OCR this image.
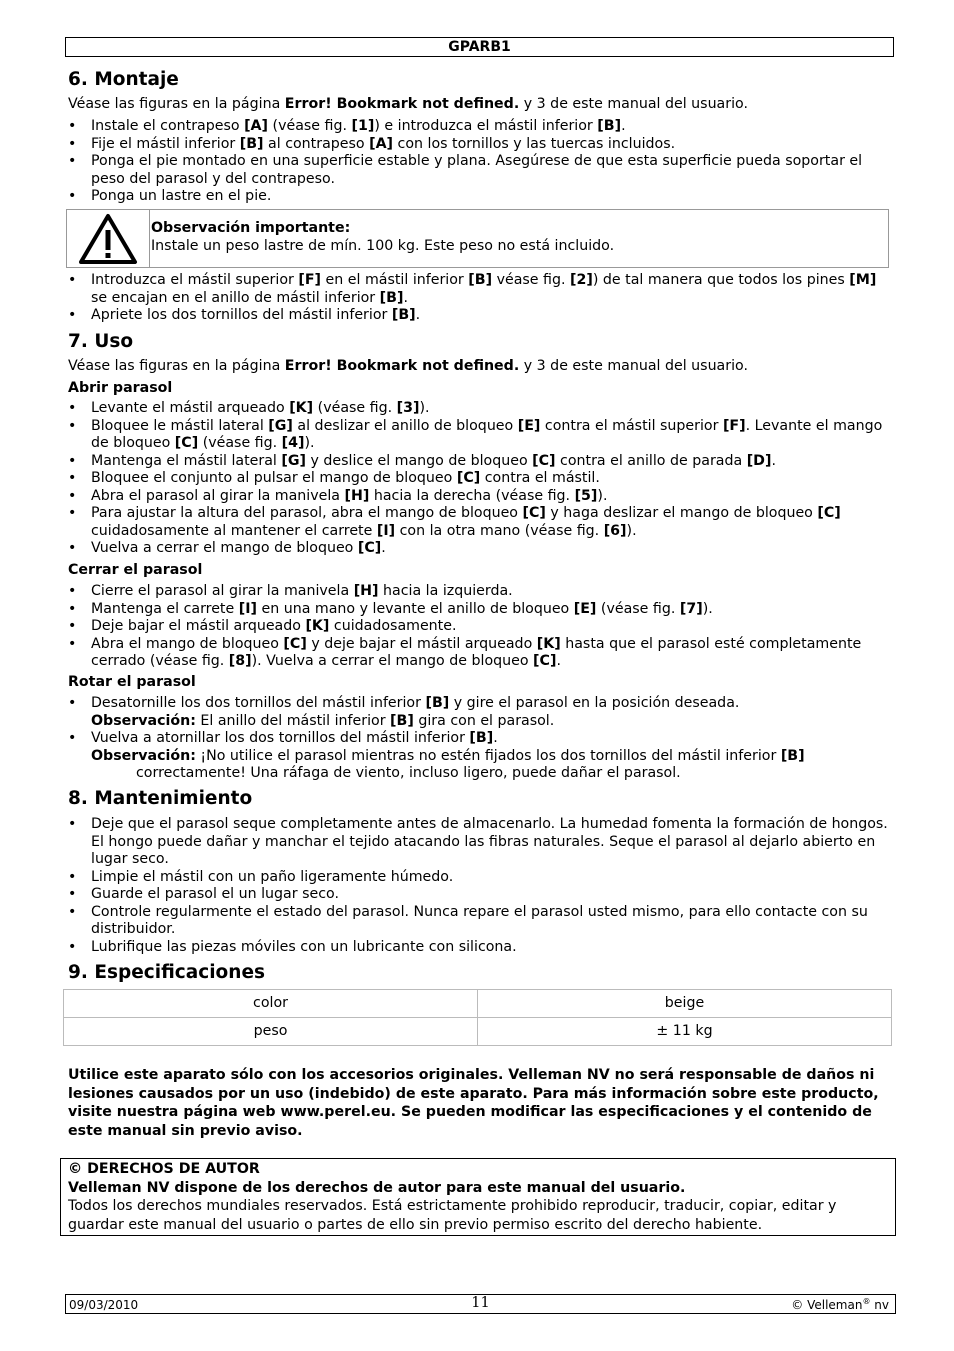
GPARB1
6. Montaje

Véase las figuras en la página Error! Bookmark not defined. y 3 de este manual del usuario.

• Instale el contrapeso [A] (véase fig. [1]) e introduzca el mástil inferior [B].
• Fije el mástil inferior [B] al contrapeso [A] con los tornillos y las tuercas incluidos.
• Ponga el pie montado en una superficie estable y plana. Asegúrese de que esta superficie pueda soportar el peso del parasol y del contrapeso.
• Ponga un lastre en el pie.
Observación importante:
Instale un peso lastre de mín. 100 kg. Este peso no está incluido.
• Introduzca el mástil superior [F] en el mástil inferior [B] véase fig. [2]) de tal manera que todos los pines [M] se encajan en el anillo de mástil inferior [B].
• Apriete los dos tornillos del mástil inferior [B].
7. Uso

Véase las figuras en la página Error! Bookmark not defined. y 3 de este manual del usuario.

Abrir parasol
• Levante el mástil arqueado [K] (véase fig. [3]).
• Bloquee le mástil lateral [G] al deslizar el anillo de bloqueo [E] contra el mástil superior [F]. Levante el mango de bloqueo [C] (véase fig. [4]).
• Mantenga el mástil lateral [G] y deslice el mango de bloqueo [C] contra el anillo de parada [D].
• Bloquee el conjunto al pulsar el mango de bloqueo [C] contra el mástil.
• Abra el parasol al girar la manivela [H] hacia la derecha (véase fig. [5]).
• Para ajustar la altura del parasol, abra el mango de bloqueo [C] y haga deslizar el mango de bloqueo [C] cuidadosamente al mantener el carrete [I] con la otra mano (véase fig. [6]).
• Vuelva a cerrar el mango de bloqueo [C].
Cerrar el parasol
• Cierre el parasol al girar la manivela [H] hacia la izquierda.
• Mantenga el carrete [I] en una mano y levante el anillo de bloqueo [E] (véase fig. [7]).
• Deje bajar el mástil arqueado [K] cuidadosamente.
• Abra el mango de bloqueo [C] y deje bajar el mástil arqueado [K] hasta que el parasol esté completamente cerrado (véase fig. [8]). Vuelva a cerrar el mango de bloqueo [C].
Rotar el parasol
• Desatornille los dos tornillos del mástil inferior [B] y gire el parasol en la posición deseada.
Observación: El anillo del mástil inferior [B] gira con el parasol.
• Vuelva a atornillar los dos tornillos del mástil inferior [B].
Observación: ¡No utilice el parasol mientras no estén fijados los dos tornillos del mástil inferior [B]
correctamente! Una ráfaga de viento, incluso ligero, puede dañar el parasol.
8. Mantenimiento
• Deje que el parasol seque completamente antes de almacenarlo. La humedad fomenta la formación de hongos. El hongo puede dañar y manchar el tejido atacando las fibras naturales. Seque el parasol al dejarlo abierto en lugar seco.
• Limpie el mástil con un paño ligeramente húmedo.
• Guarde el parasol el un lugar seco.
• Controle regularmente el estado del parasol. Nunca repare el parasol usted mismo, para ello contacte con su distribuidor.
• Lubrifique las piezas móviles con un lubricante con silicona.
9. Especificaciones
color	beige
peso	± 11 kg
Utilice este aparato sólo con los accesorios originales. Velleman NV no será responsable de daños ni lesiones causados por un uso (indebido) de este aparato. Para más información sobre este producto, visite nuestra página web www.perel.eu. Se pueden modificar las especificaciones y el contenido de este manual sin previo aviso.
© DERECHOS DE AUTOR
Velleman NV dispone de los derechos de autor para este manual del usuario.
Todos los derechos mundiales reservados. Está estrictamente prohibido reproducir, traducir, copiar, editar y guardar este manual del usuario o partes de ello sin previo permiso escrito del derecho habiente.
09/03/2010	11	© Velleman® nv
